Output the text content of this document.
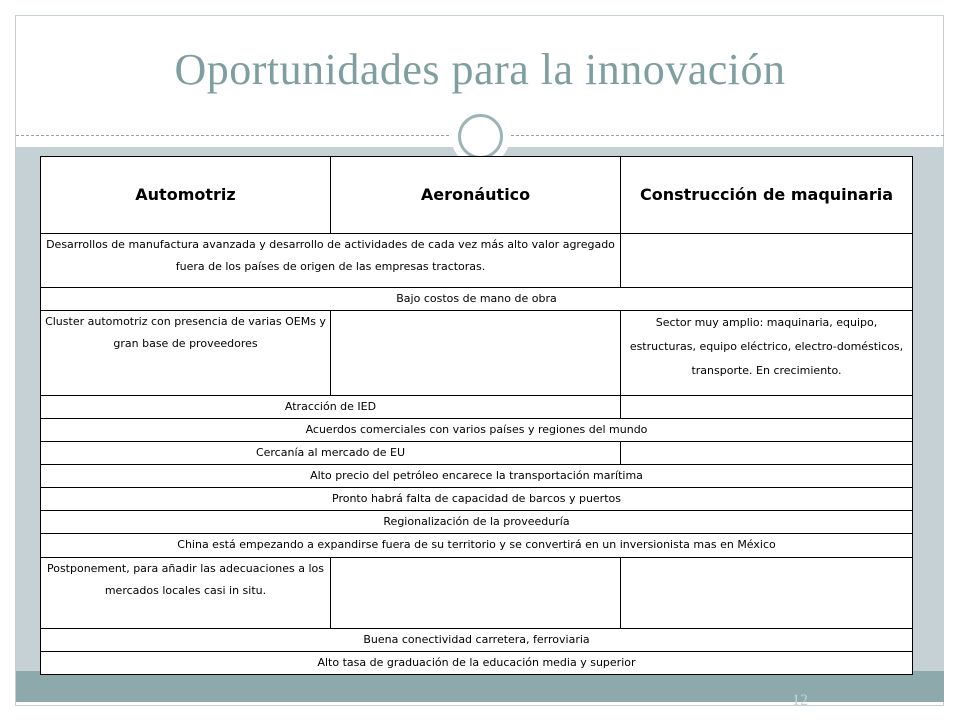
Oportunidades para la innovación
Automotriz	Aeronáutico	Construcción de maquinaria
Desarrollos de manufactura avanzada y desarrollo de actividades de cada vez más alto valor agregado fuera de los países de origen de las empresas tractoras.		
Bajo costos de mano de obra		
Cluster automotriz con presencia de varias OEMs y gran base de proveedores		Sector muy amplio: maquinaria, equipo, estructuras, equipo eléctrico, electro-domésticos, transporte. En crecimiento.
Atracción de IED		
Acuerdos comerciales con varios países y regiones del mundo		
Cercanía al mercado de EU		
Alto precio del petróleo encarece la transportación marítima		
Pronto habrá falta de capacidad de barcos y puertos		
Regionalización de la proveeduría		
China está empezando a expandirse fuera de su territorio y se convertirá en un inversionista mas en México		
Postponement, para añadir las adecuaciones a los mercados locales casi in situ.		
Buena conectividad carretera, ferroviaria		
Alto tasa de graduación de la educación media y superior		
12
